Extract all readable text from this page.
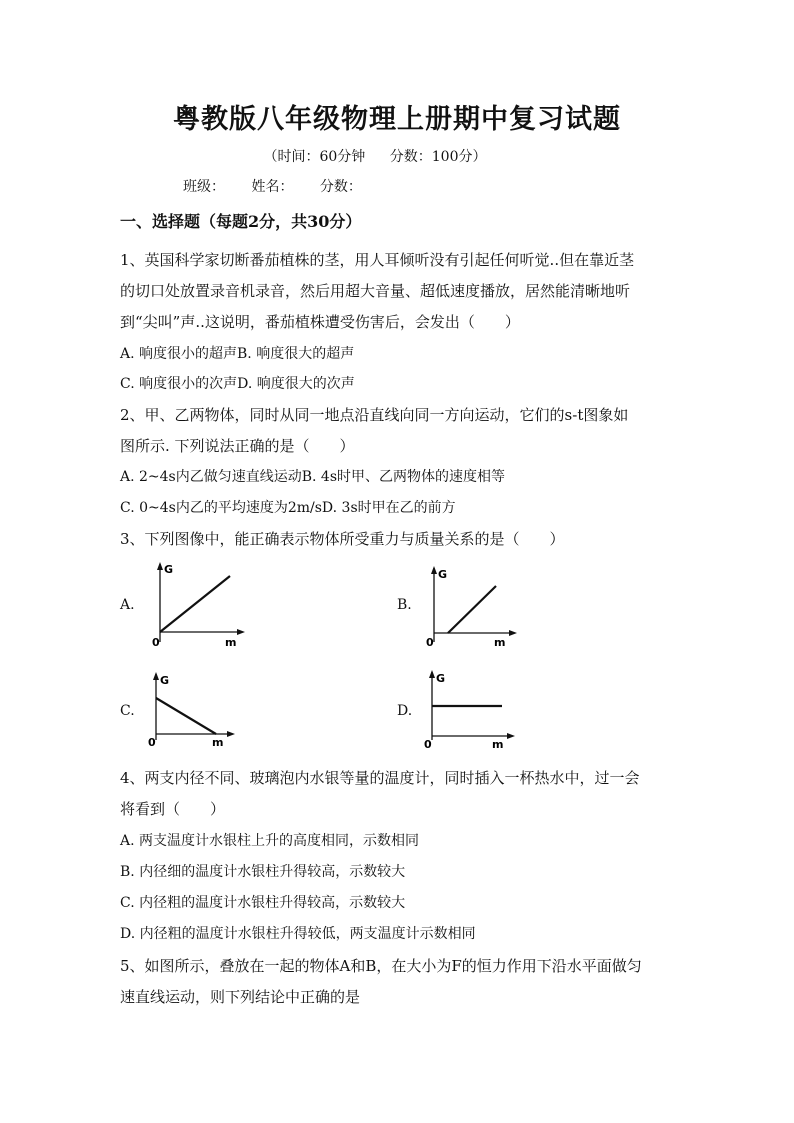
粤教版八年级物理上册期中复习试题
（时间：60分钟 分数：100分）
班级： 姓名： 分数：
一、选择题（每题2分，共30分）
1、英国科学家切断番茄植株的茎，用人耳倾听没有引起任何听觉..但在靠近茎
的切口处放置录音机录音，然后用超大音量、超低速度播放，居然能清晰地听
到“尖叫”声..这说明，番茄植株遭受伤害后，会发出（　　）
A. 响度很小的超声B. 响度很大的超声
C. 响度很小的次声D. 响度很大的次声
2、甲、乙两物体，同时从同一地点沿直线向同一方向运动，它们的s-t图象如
图所示. 下列说法正确的是（　　）
A. 2~4s内乙做匀速直线运动B. 4s时甲、乙两物体的速度相等
C. 0~4s内乙的平均速度为2m/sD. 3s时甲在乙的前方
3、下列图像中，能正确表示物体所受重力与质量关系的是（　　）
A.
G
m
0
B.
G
m
0
C.
G
m
0
D.
G
m
0
4、两支内径不同、玻璃泡内水银等量的温度计，同时插入一杯热水中，过一会
将看到（　　）
A. 两支温度计水银柱上升的高度相同，示数相同
B. 内径细的温度计水银柱升得较高，示数较大
C. 内径粗的温度计水银柱升得较高，示数较大
D. 内径粗的温度计水银柱升得较低，两支温度计示数相同
5、如图所示，叠放在一起的物体A和B，在大小为F的恒力作用下沿水平面做匀
速直线运动，则下列结论中正确的是
